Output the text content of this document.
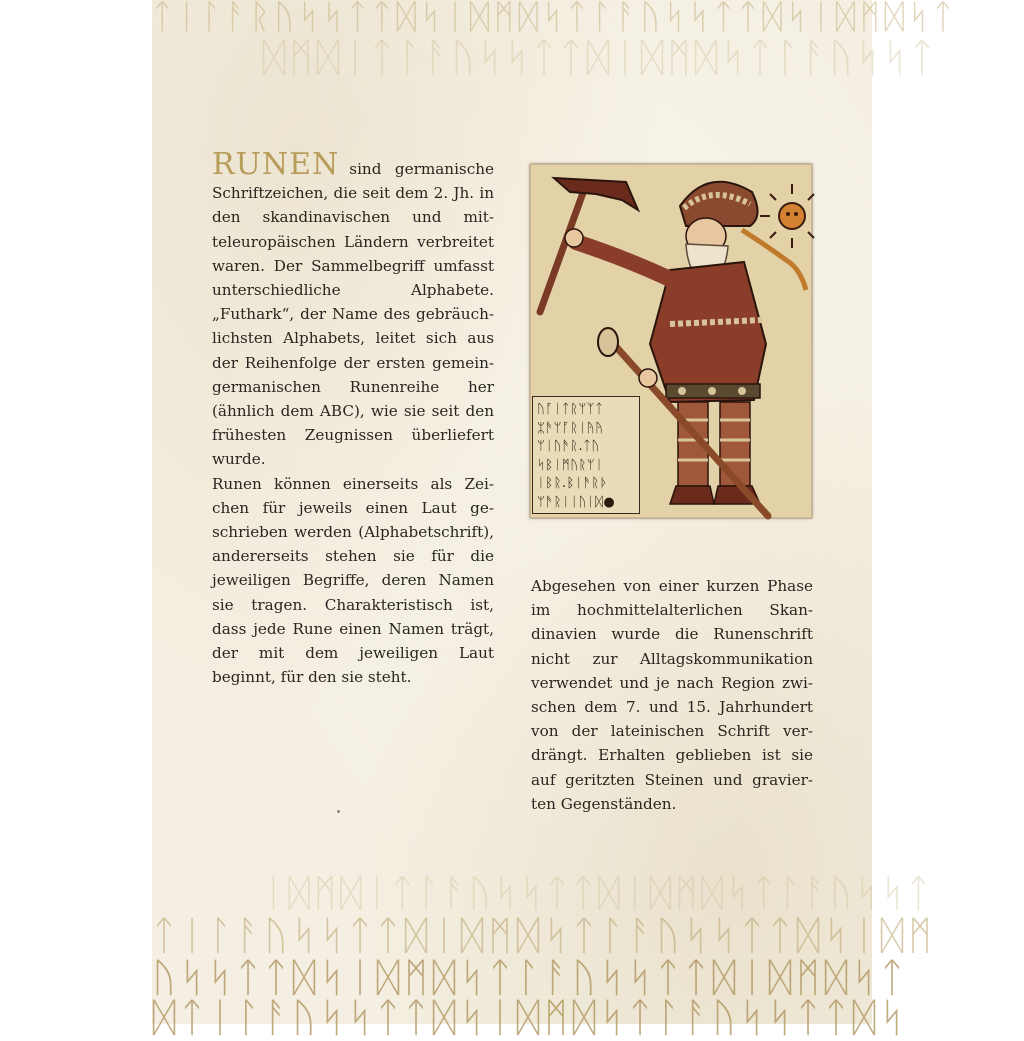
ᛏᛁᛚᚨᚱᚢᛋᛋᛏᛏᛞᛋᛁᛞᛗᛞᛋᛏᛚᚨᚢᛋᛋᛏᛏᛞᛋᛁᛞᛗᛞᛋᛏ
ᛞᛗᛞᛁᛏᛚᚨᚢᛋᛋᛏᛏᛞᛁᛞᛗᛞᛋᛏᛚᚨᚢᛋᛋᛏ

RUNEN sind germanische Schriftzeichen, die seit dem 2. Jh. in den skandinavischen und mitteleuropäischen Ländern verbreitet waren. Der Sammelbegriff umfasst unterschiedliche Alphabete. „Futhark“, der Name des gebräuchlichsten Alphabets, leitet sich aus der Reihenfolge der ersten gemeingermanischen Runenreihe her (ähnlich dem ABC), wie sie seit den frühesten Zeugnissen überliefert wurde.

Runen können einerseits als Zeichen für jeweils einen Laut geschrieben werden (Alphabetschrift), andererseits stehen sie für die jeweiligen Begriffe, deren Namen sie tragen. Charakteristisch ist, dass jede Rune einen Namen trägt, der mit dem jeweiligen Laut beginnt, für den sie steht.

ᚢᚪᛁᛏᚱᛘᛉᛏ
ᛯᚫᛘᚪᚱᛁᚤᚤ
ᛘᛁᚢᚫᚱ.ᛏᚢ
ᛋᛒᛁᛗᚢᚱᛘᛁ
ᛁᛒᚱ.ᛒᛁᚫᚱᚦ
ᛘᚫᚱᛁᛁᚢᛁᛞ●

Abgesehen von einer kurzen Phase im hochmittelalterlichen Skandinavien wurde die Runenschrift nicht zur Alltagskommunikation verwendet und je nach Region zwischen dem 7. und 15. Jahrhundert von der lateinischen Schrift verdrängt. Erhalten geblieben ist sie auf geritzten Steinen und gravierten Gegenständen.

ᛁᛞᛗᛞᛁᛏᛚᚨᚢᛋᛋᛏᛏᛞᛁᛞᛗᛞᛋᛏᛚᚨᚢᛋᛋᛏ
ᛏᛁᛚᚨᚢᛋᛋᛏᛏᛞᛁᛞᛗᛞᛋᛏᛚᚨᚢᛋᛋᛏᛏᛞᛋᛁᛞᛗ
ᚢᛋᛋᛏᛏᛞᛋᛁᛞᛗᛞᛋᛏᛚᚨᚢᛋᛋᛏᛏᛞᛁᛞᛗᛞᛋᛏ
ᛞᛏᛁᛚᚨᚢᛋᛋᛏᛏᛞᛋᛁᛞᛗᛞᛋᛏᛚᚨᚢᛋᛋᛏᛏᛞᛋ
